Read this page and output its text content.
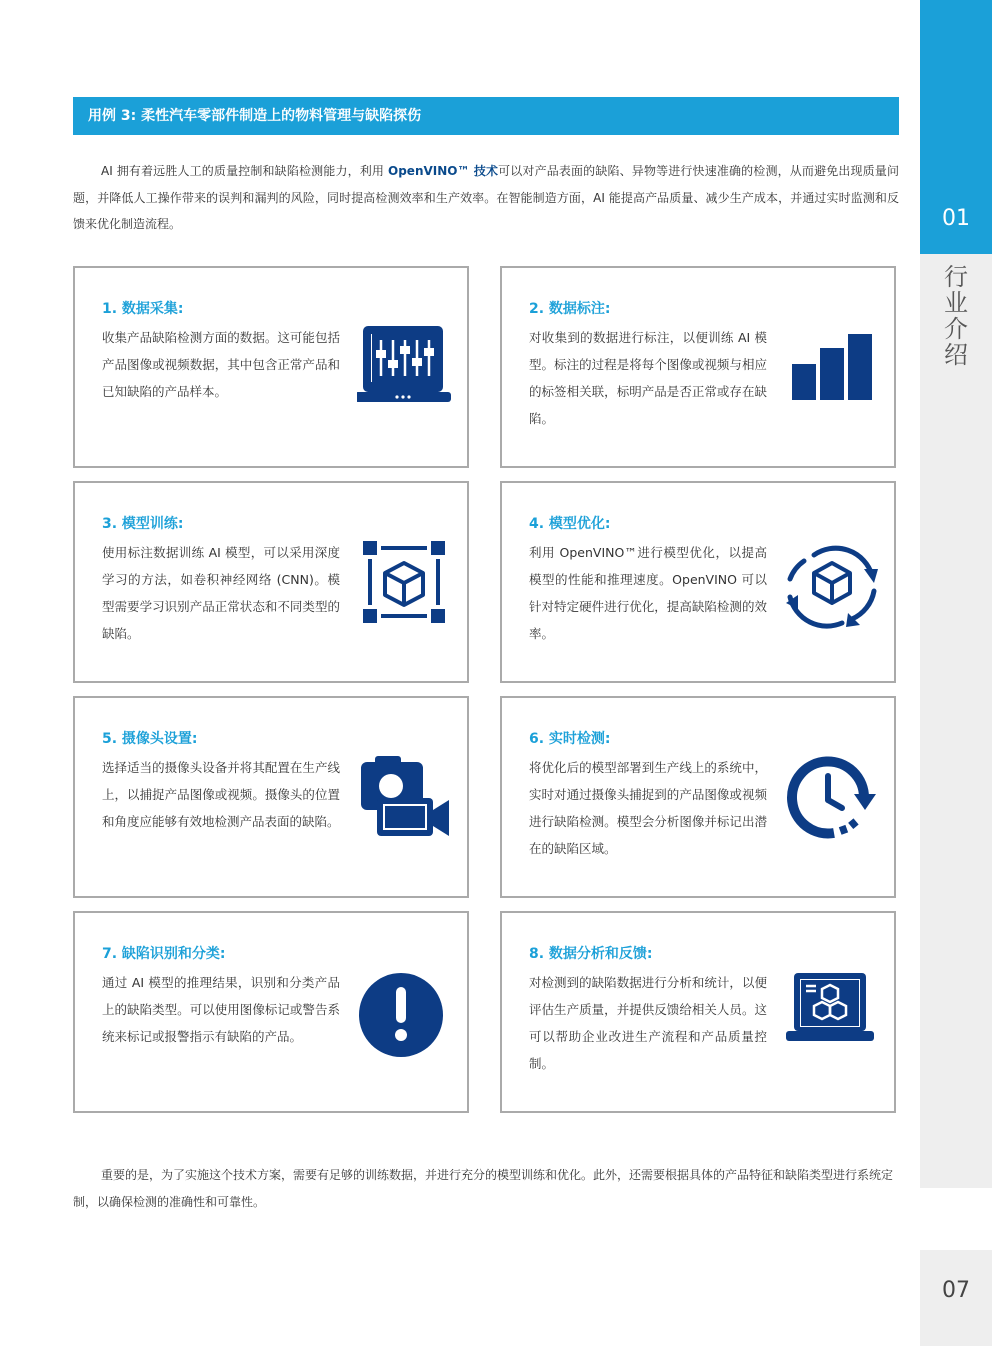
01
行
业
介
绍
07
用例 3: 柔性汽车零部件制造上的物料管理与缺陷探伤

AI 拥有着远胜人工的质量控制和缺陷检测能力，利用 OpenVINO™ 技术可以对产品表面的缺陷、异物等进行快速准确的检测，从而避免出现质量问题，并降低人工操作带来的误判和漏判的风险，同时提高检测效率和生产效率。在智能制造方面，AI 能提高产品质量、减少生产成本，并通过实时监测和反馈来优化制造流程。

1. 数据采集:

收集产品缺陷检测方面的数据。这可能包括产品图像或视频数据，其中包含正常产品和已知缺陷的产品样本。

2. 数据标注:

对收集到的数据进行标注，以便训练 AI 模型。标注的过程是将每个图像或视频与相应的标签相关联，标明产品是否正常或存在缺陷。

3. 模型训练:

使用标注数据训练 AI 模型，可以采用深度学习的方法，如卷积神经网络 (CNN)。模型需要学习识别产品正常状态和不同类型的缺陷。

4. 模型优化:

利用 OpenVINO™进行模型优化，以提高模型的性能和推理速度。OpenVINO 可以针对特定硬件进行优化，提高缺陷检测的效率。

5. 摄像头设置:

选择适当的摄像头设备并将其配置在生产线上，以捕捉产品图像或视频。摄像头的位置和角度应能够有效地检测产品表面的缺陷。

6. 实时检测:

将优化后的模型部署到生产线上的系统中，实时对通过摄像头捕捉到的产品图像或视频进行缺陷检测。模型会分析图像并标记出潜在的缺陷区域。

7. 缺陷识别和分类:

通过 AI 模型的推理结果，识别和分类产品上的缺陷类型。可以使用图像标记或警告系统来标记或报警指示有缺陷的产品。

8. 数据分析和反馈:

对检测到的缺陷数据进行分析和统计，以便评估生产质量，并提供反馈给相关人员。这可以帮助企业改进生产流程和产品质量控制。

重要的是，为了实施这个技术方案，需要有足够的训练数据，并进行充分的模型训练和优化。此外，还需要根据具体的产品特征和缺陷类型进行系统定制，以确保检测的准确性和可靠性。
